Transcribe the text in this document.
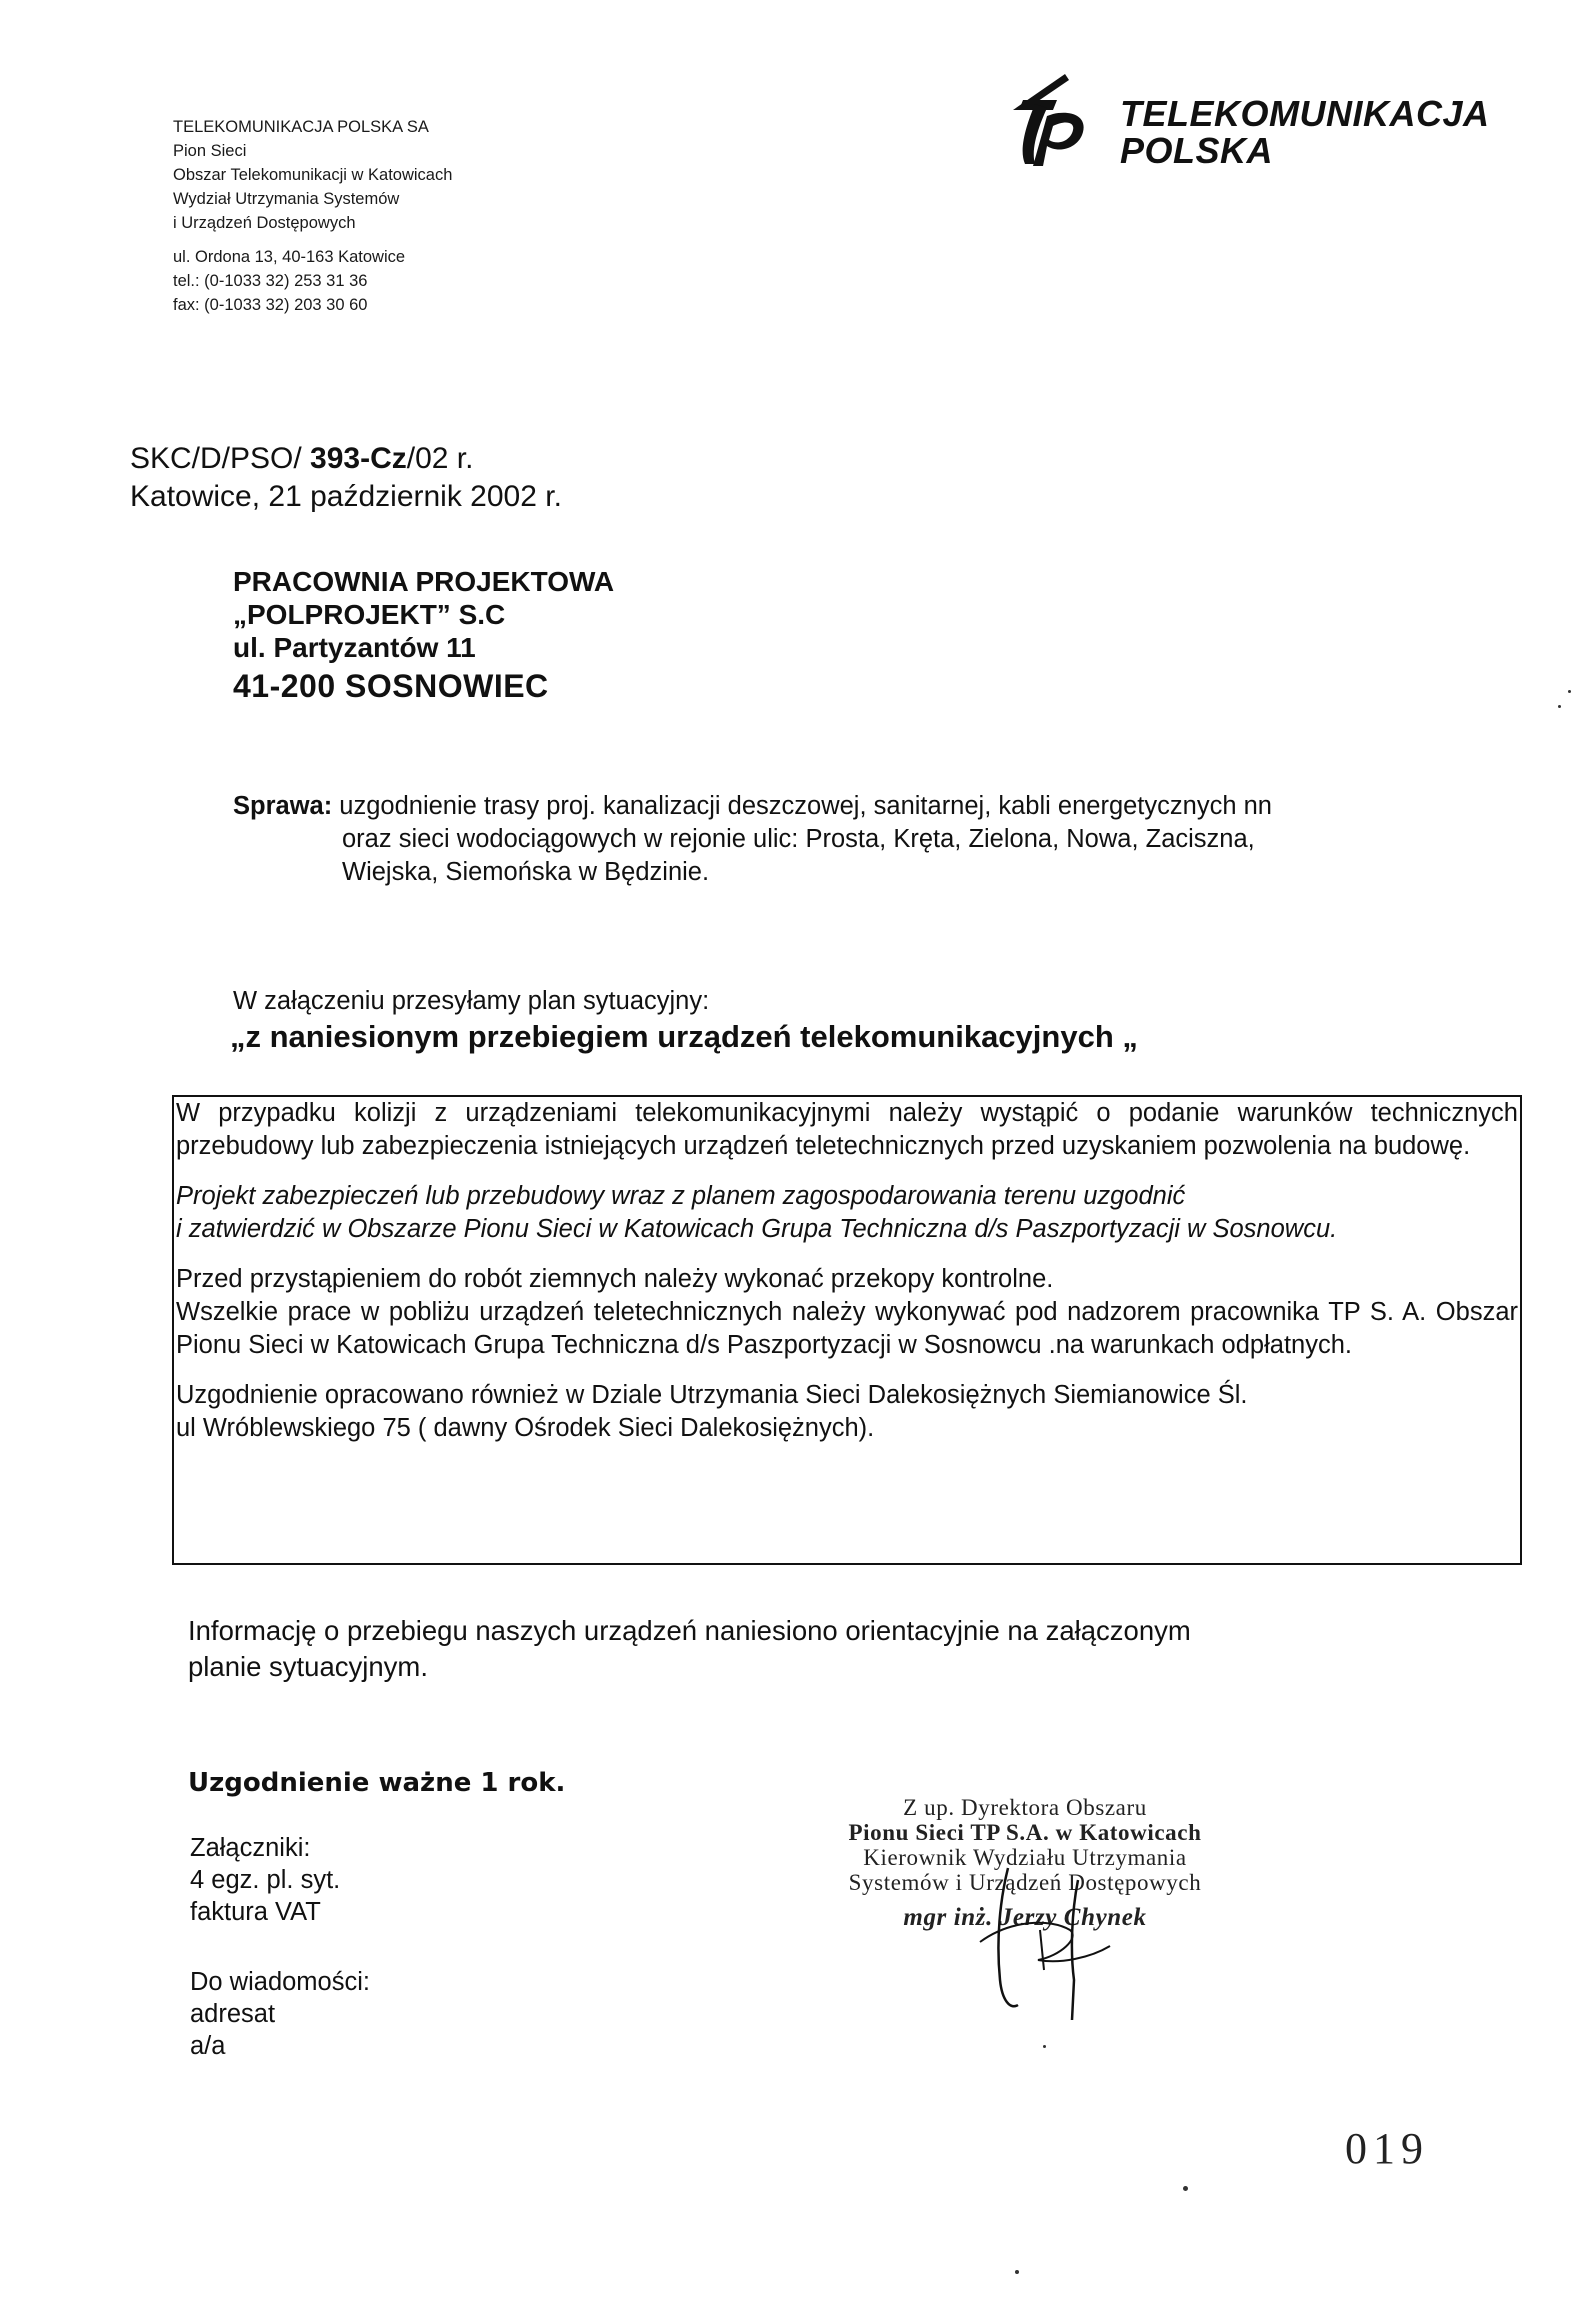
TELEKOMUNIKACJA POLSKA SA
Pion Sieci
Obszar Telekomunikacji w Katowicach
Wydział Utrzymania Systemów
i Urządzeń Dostępowych
ul. Ordona 13, 40-163 Katowice
tel.: (0-1033 32) 253 31 36
fax: (0-1033 32) 203 30 60
TELEKOMUNIKACJA
POLSKA
SKC/D/PSO/ 393-Cz/02 r.
Katowice, 21 październik 2002 r.
PRACOWNIA PROJEKTOWA
„POLPROJEKT” S.C
ul. Partyzantów 11
41-200 SOSNOWIEC
Sprawa: uzgodnienie trasy proj. kanalizacji deszczowej, sanitarnej, kabli energetycznych nn
oraz sieci wodociągowych w rejonie ulic: Prosta, Kręta, Zielona, Nowa, Zaciszna,
Wiejska, Siemońska w Będzinie.
W załączeniu przesyłamy plan sytuacyjny:
„z naniesionym przebiegiem urządzeń telekomunikacyjnych „

W przypadku kolizji z urządzeniami telekomunikacyjnymi należy wystąpić o podanie warunków technicznych przebudowy lub zabezpieczenia istniejących urządzeń teletechnicznych przed uzyskaniem pozwolenia na budowę.

Projekt zabezpieczeń lub przebudowy wraz z planem zagospodarowania terenu uzgodnić

i zatwierdzić w Obszarze Pionu Sieci w Katowicach Grupa Techniczna d/s Paszportyzacji w Sosnowcu.

Przed przystąpieniem do robót ziemnych należy wykonać przekopy kontrolne.

Wszelkie prace w pobliżu urządzeń teletechnicznych należy wykonywać pod nadzorem pracownika TP S. A. Obszar Pionu Sieci w Katowicach Grupa Techniczna d/s Paszportyzacji w Sosnowcu .na warunkach odpłatnych.

Uzgodnienie opracowano również w Dziale Utrzymania Sieci Dalekosiężnych Siemianowice Śl.

ul Wróblewskiego 75 ( dawny Ośrodek Sieci Dalekosiężnych).

Informację o przebiegu naszych urządzeń naniesiono orientacyjnie na załączonym
planie sytuacyjnym.
Uzgodnienie ważne 1 rok.
Załączniki:
4 egz. pl. syt.
faktura VAT
Do wiadomości:
adresat
a/a
Z up. Dyrektora Obszaru
Pionu Sieci TP S.A. w Katowicach
Kierownik Wydziału Utrzymania
Systemów i Urządzeń Dostępowych
mgr inż. Jerzy Chynek
019
